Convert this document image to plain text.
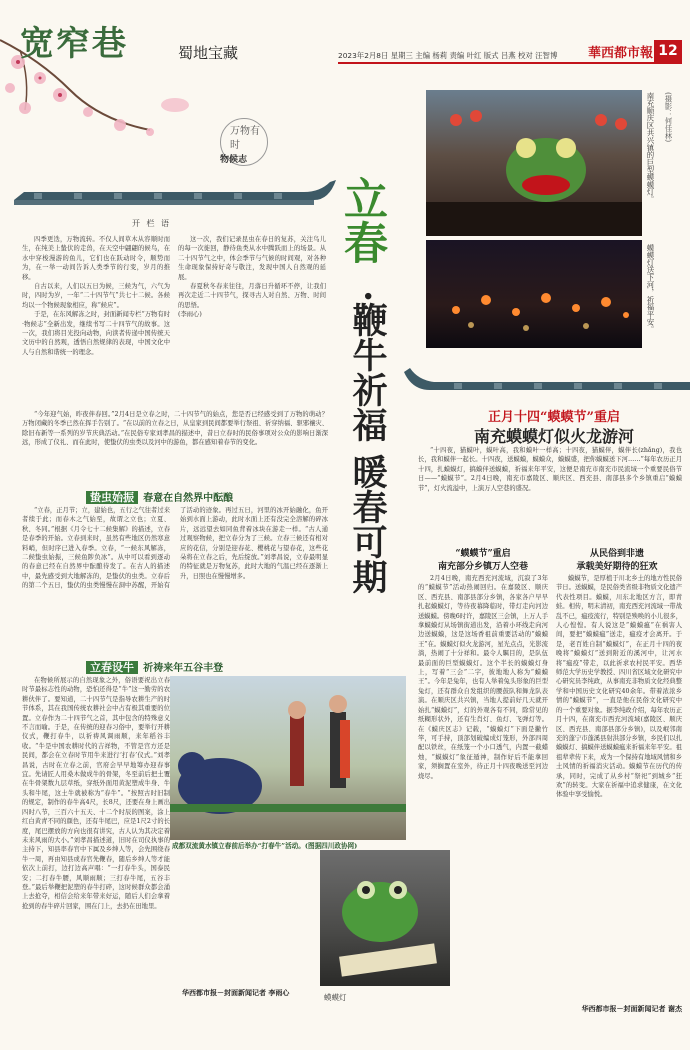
宽窄巷	蜀地宝藏	2023年2月8日 星期三 主编 杨莉 责编 叶红 版式 吕燕 校对 汪智博 華西都市報 12
万物有时
物候志
开 栏 语

四季更迭，万物流转。不仅人间草木从容顺时而生，在纯美上蛰伏的走兽，在天空中翩翩的候鸟，在水中穿梭漫游的鱼儿，它们也在跃动时令，顺势而为，在一举一动间告诉人类季节的行变，岁月的推移。

自古以来，人们以五日为候，三候为气，六气为时，四时为岁，一年“二十四节气”共七十二候。各候均以一个物候现象相应，称“候应”。

于是，在东风解冻之时，封面新闻专栏“万物有时·物候志”全新出发，继续书写二十四节气的故事。这一次，我们将目光投向动物，向读者传递中国传统天文历中的自然观，透悟自然规律的表现，中国文化中人与自然和谐统一的理念。

这一次，我们记录昆虫在春日的复苏，关注鸟儿的每一次徙回，静待鱼类从水中腾跃而上的场景。从二十四节气之中，体会季节与气候的时间观，对各种生命现象保持好奇与敬注，发现中国人自然观的延展。

春夏秋冬春来往往，月落日升循环不停，让我们再次走近二十四节气，探寻古人对自然、万物、时间的思悟。

(李雨心)
立春
·鞭牛祈福 暖春可期
南充顺庆区共兴镇的巨型蟆蟆灯。 (摄影：何佳林)
蟆蟆灯送下河，祈福平安。
“今年迎气始，昨夜伴春回。”2月4日是立春之时，二十四节气的始点，您是否已经感受到了万物的萌动？万物闭藏的冬季已然在挥手告别了。“在以前的立春之日，从皇家到民间都要举行祭祖、祈穿纳福、驱邪禳灾、除旧布新等一系列的岁节庆典活动。”在民俗专家刘孝昌的描述中，昔日立春时的民俗事项对公众的影响日渐深远，形成了仪礼、而在此时，使蛰伏的虫类以及河中的游鱼，都在感知着春节的变化。
蛰虫始振 春意在自然界中酝酿
“立春，正月节；立，建始也，五行之气往者过来者续于此；而春木之气始至，故谓之立也；立夏、秋、冬同。”根据《月令七十二候集解》的描述，立春是春季的开始。立春到来时，虽然有些地区仍然寒意料峭，但时序已进入春季。立春，“一候东风解冻，二候蛰虫始振，三候鱼陟负冰”。从中可以看到逐动的春意已经在自然界中酝酿待发了。在古人的描述中，最先感受到大地解冻的，是蛰伏的虫类。立春后的第二个五日，蛰伏的虫类慢慢在洞中苏醒，开始有了活动的迹象。再过五日，河里的冰开始融化，鱼开始到水面上游动，此时水面上还有没完全溶解的碎冰片，远远望去如同鱼背着冰块在游走一样。“古人通过观察物候，把立春分为了三候。立春三候还有相对应的花信，分别是迎春花、樱桃花与望春花，这些花朵将在立春之后，先后绽放。”刘孝昌说，立春最明显的特征就是万物复苏，此时大地的气温已经在逐渐上升，日照也在慢慢增多。
立春设牛 祈祷来年五谷丰登
在物候所展示的自然现象之外，俗语要祝出立春时节最标志性的动物，恐怕还得是“牛”这一勤劳的农耕伙伴了。要知道，二十四节气是指导农耕生产的时节体系，其在我国传统农耕社会中占有极其重要的位置。立春作为二十四节气之首，其中包含的特殊意义不言而喻。于是，在传统的迎春习俗中，要举行开耕仪式，鞭打春牛，以祈祷风调雨顺，来年稻谷丰收。“牛是中国农耕时代的吉祥物，不管是宫方还是民间，都会在立春时节用牛来进行‘打春’仪式。”刘孝昌说，古时在立春之前，官府会早早地筹办迎春事宜。先请匠人用桑木做成牛的骨架，冬至前后把土覆在牛骨架数九层草纸，穿纸外面用黄泥塑成牛身、牛头和牛尾，这土牛就被称为“春牛”。“按照古时旧制的规定，制作的春牛高4尺，长8尺，还要在身上画出四时八节，三百六十五天、十二个时辰的图案，涂上红白黄青不同的颜色，还有牛尾巴，应是1尺2寸的长度，尾巴摆放的方向也很有讲究，古人认为其决定着未来风雨的大小。”刘孝昌描述道，旧时在司仪执事的主持下，知县率春官中下属及乡绅人等，会先围绕春牛一周，再由知县或春官先鞭春，随后乡绅人等才能依次上前打，边打边高声唱：“一打春牛头，国泰民安；二打春牛腰，风顺雨顺；三打春牛尾，五谷丰登。”最后举鞭把泥塑的春牛打碎，这时候群众都会涌上去抢夺，相信会给来年带来好运，随后人们会拿着抢到的春牛碎片回家，围在门上，去扔在田地里。
成都双流黄水镇立春前后举办“打春牛”活动。(图据四川政协网)
华西都市报－封面新闻记者 李雨心
正月十四“蟆蟆节”重启
南充蟆蟆灯似火龙游河
“十四夜，猫蟆叶，蟆叶高，我和蟆叶一样高；十四夜，猫蟆伴，蟆伴长(zhǎng)，我也长，我和蟆伴一起长。十四夜，送蟆蟆，蟆蟆众，蟆蟆盛，把你蟆蟆送下河……”每年农历正月十四，扎蟆蟆灯，搞蟆伴送蟆蟆，祈福来年平安，这便是南充市南充市民流域一个重要民俗节日——“蟆蟆节”。2月4日晚，南充市嘉陵区、顺庆区、西充县、南部县多个乡镇重启“蟆蟆节”，灯火流溢中，上演万人空巷的盛况。
“蟆蟆节”重启
南充部分乡镇万人空巷
从民俗到非遗
承载美好期待的狂欢
2月4日晚，南充西充河流域，沉寂了3年的“蟆蟆节”活动热闹回归。在嘉陵区、顺庆区、西充县、南部县部分乡镇，各家各户早早扎起蟆蟆灯，等待夜幕降临时，带灯走向河边送蟆蟆。傍晚6时许，嘉陵区三会镇，上万人手拿蟆蟆灯从场镇街道出发，沿着小环线走向河边送蟆蟆，这是这场香祖前重要活动的“蟆蟆王”在。蟆蟆灯似火龙游河，星光点点，光影流淌，热闹了十分祥和。最令人瞩目的，是队伍最前面的巨型蟆蟆灯。这个半长的蟆蟆灯身上，写着“三会”二字，彼地地人称为“蟆蟆王”。今年是兔年，也有人举着兔头形象的巨型兔灯，还有群众自发组织的腰鼓队和舞龙队表演。在顺庆区共兴镇，当地人提前好几天就开始扎“蟆蟆灯”，灯的外观各有不同，除常见的纸糊形状外，还有生肖灯、鱼灯、飞弹灯等。在《蟆庆区志》记载，“蟆蟆灯”下面是撇竹竿，可手持，顶部划破编成灯笼形，外部四周配以铁丝，在纸笼一个小口透气，内置一截蜡烛，“蟆蟆灯”象征遁神，制作好后不能拿回家，须搁置在室外，待正月十四夜晚送至河边烧尽。
蟆蟆节，是厚植于川北乡土的地方性民俗节日。送蟆蟆，是民俗类省级非物质文化遗产代表性项目。蟆蟆，川东北地区方言，即青蛙。相传，明末清初，南充西充河流域一带战乱不已，瘟疫流行，特别是殃唤的小儿很多，人心惶惶。有人说这是“蟆蟆瘟”在祸害人间，要把“蟆蟆瘟”送走，瘟疫才会离开。于是，老百姓自制“蟆蟆灯”，在正月十四的夜晚将“蟆蟆灯”送到附近的溪河中，让河水将“瘟疫”带走，以此祈求农村民平安。西华师范大学历史学教授、四川省区域文化研究中心研究员李纯政，从事南充非物质文化经典整学和中国历史文化研究40余年。带着浓浓乡情的“蟆蟆节”，一直是他在民俗文化研究中的一个重要对象。据李纯政介绍，每年农历正月十四，在南充市西充河流域(嘉陵区、顺庆区、西充县、南部县部分乡镇)，以及岷邻南充的蓬宁市蓬溪县射洪部分乡镇，乡民们以扎蟆蟆灯、搞蟆伴送蟆蟆瘟来祈福来年平安。祖祖辈辈传下来，成为一个保持有地域风情和乡土风情的祈福消灾活动。蟆蟆节在历代的传承，同时，完成了从乡村“祭祀”到城乡“狂欢”的转变。大家在祈福中追求健康，在文化体验中享受愉悦。
蟆蟆灯
华西都市报－封面新闻记者 谢杰
